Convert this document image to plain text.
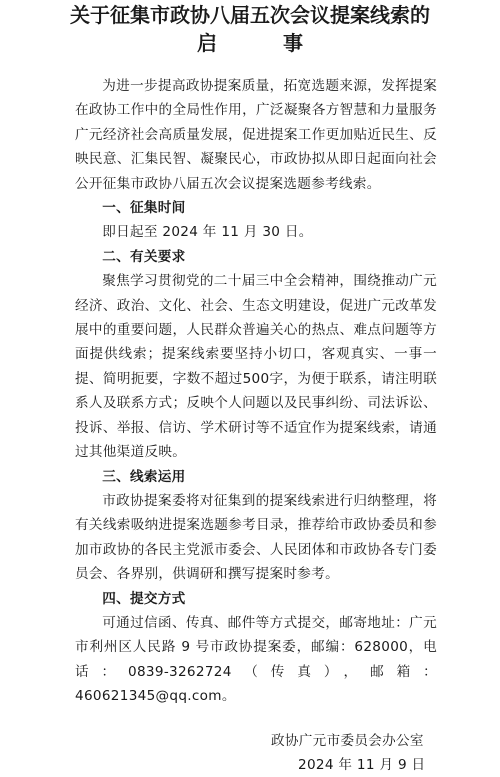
关于征集市政协八届五次会议提案线索的
启事

为进一步提高政协提案质量，拓宽选题来源，发挥提案在政协工作中的全局性作用，广泛凝聚各方智慧和力量服务广元经济社会高质量发展，促进提案工作更加贴近民生、反映民意、汇集民智、凝聚民心，市政协拟从即日起面向社会公开征集市政协八届五次会议提案选题参考线索。

一、征集时间

即日起至 2024 年 11 月 30 日。

二、有关要求

聚焦学习贯彻党的二十届三中全会精神，围绕推动广元经济、政治、文化、社会、生态文明建设，促进广元改革发展中的重要问题，人民群众普遍关心的热点、难点问题等方面提供线索；提案线索要坚持小切口，客观真实、一事一提、简明扼要，字数不超过500字，为便于联系，请注明联系人及联系方式；反映个人问题以及民事纠纷、司法诉讼、投诉、举报、信访、学术研讨等不适宜作为提案线索，请通过其他渠道反映。

三、线索运用

市政协提案委将对征集到的提案线索进行归纳整理，将有关线索吸纳进提案选题参考目录，推荐给市政协委员和参加市政协的各民主党派市委会、人民团体和市政协各专门委员会、各界别，供调研和撰写提案时参考。

四、提交方式

可通过信函、传真、邮件等方式提交，邮寄地址：广元市利州区人民路 9 号市政协提案委，邮编：628000，电话：0839-3262724（传真），邮箱：460621345@qq.com。

政协广元市委员会办公室
2024 年 11 月 9 日
